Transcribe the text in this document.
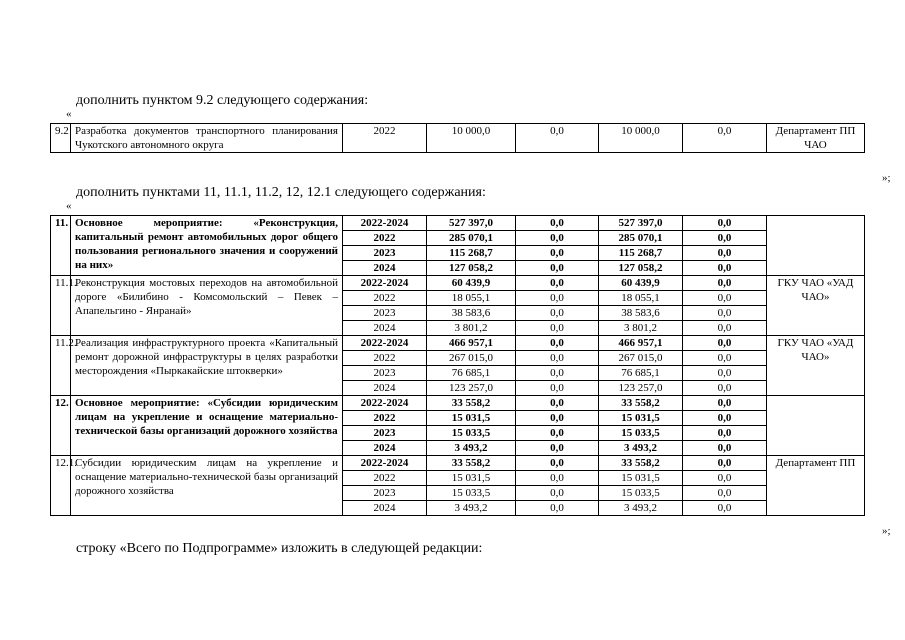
дополнить пунктом 9.2 следующего содержания:
«
9.2	Разработка документов транспортного планирования Чукотского автономного округа	2022	10 000,0	0,0	10 000,0	0,0	Департамент ПП ЧАО
»;
дополнить пунктами 11, 11.1, 11.2, 12, 12.1 следующего содержания:
«
11.	Основное мероприятие: «Реконструкция, капитальный ремонт автомобильных дорог общего пользования регионального значения и сооружений на них»	2022-2024	527 397,0	0,0	527 397,0	0,0	
		2022	285 070,1	0,0	285 070,1	0,0	
		2023	115 268,7	0,0	115 268,7	0,0	
		2024	127 058,2	0,0	127 058,2	0,0	
11.1.	Реконструкция мостовых переходов на автомобильной дороге «Билибино - Комсомольский – Певек – Апапельгино - Янранай»	2022-2024	60 439,9	0,0	60 439,9	0,0	ГКУ ЧАО «УАД ЧАО»
		2022	18 055,1	0,0	18 055,1	0,0	
		2023	38 583,6	0,0	38 583,6	0,0	
		2024	3 801,2	0,0	3 801,2	0,0	
11.2.	Реализация инфраструктурного проекта «Капитальный ремонт дорожной инфраструктуры в целях разработки месторождения «Пыркакайские штокверки»	2022-2024	466 957,1	0,0	466 957,1	0,0	ГКУ ЧАО «УАД ЧАО»
		2022	267 015,0	0,0	267 015,0	0,0	
		2023	76 685,1	0,0	76 685,1	0,0	
		2024	123 257,0	0,0	123 257,0	0,0	
12.	Основное мероприятие: «Субсидии юридическим лицам на укрепление и оснащение материально-технической базы организаций дорожного хозяйства	2022-2024	33 558,2	0,0	33 558,2	0,0	
		2022	15 031,5	0,0	15 031,5	0,0	
		2023	15 033,5	0,0	15 033,5	0,0	
		2024	3 493,2	0,0	3 493,2	0,0	
12.1.	Субсидии юридическим лицам на укрепление и оснащение материально-технической базы организаций дорожного хозяйства	2022-2024	33 558,2	0,0	33 558,2	0,0	Департамент ПП
		2022	15 031,5	0,0	15 031,5	0,0	
		2023	15 033,5	0,0	15 033,5	0,0	
		2024	3 493,2	0,0	3 493,2	0,0	
»;
строку «Всего по Подпрограмме» изложить в следующей редакции:
